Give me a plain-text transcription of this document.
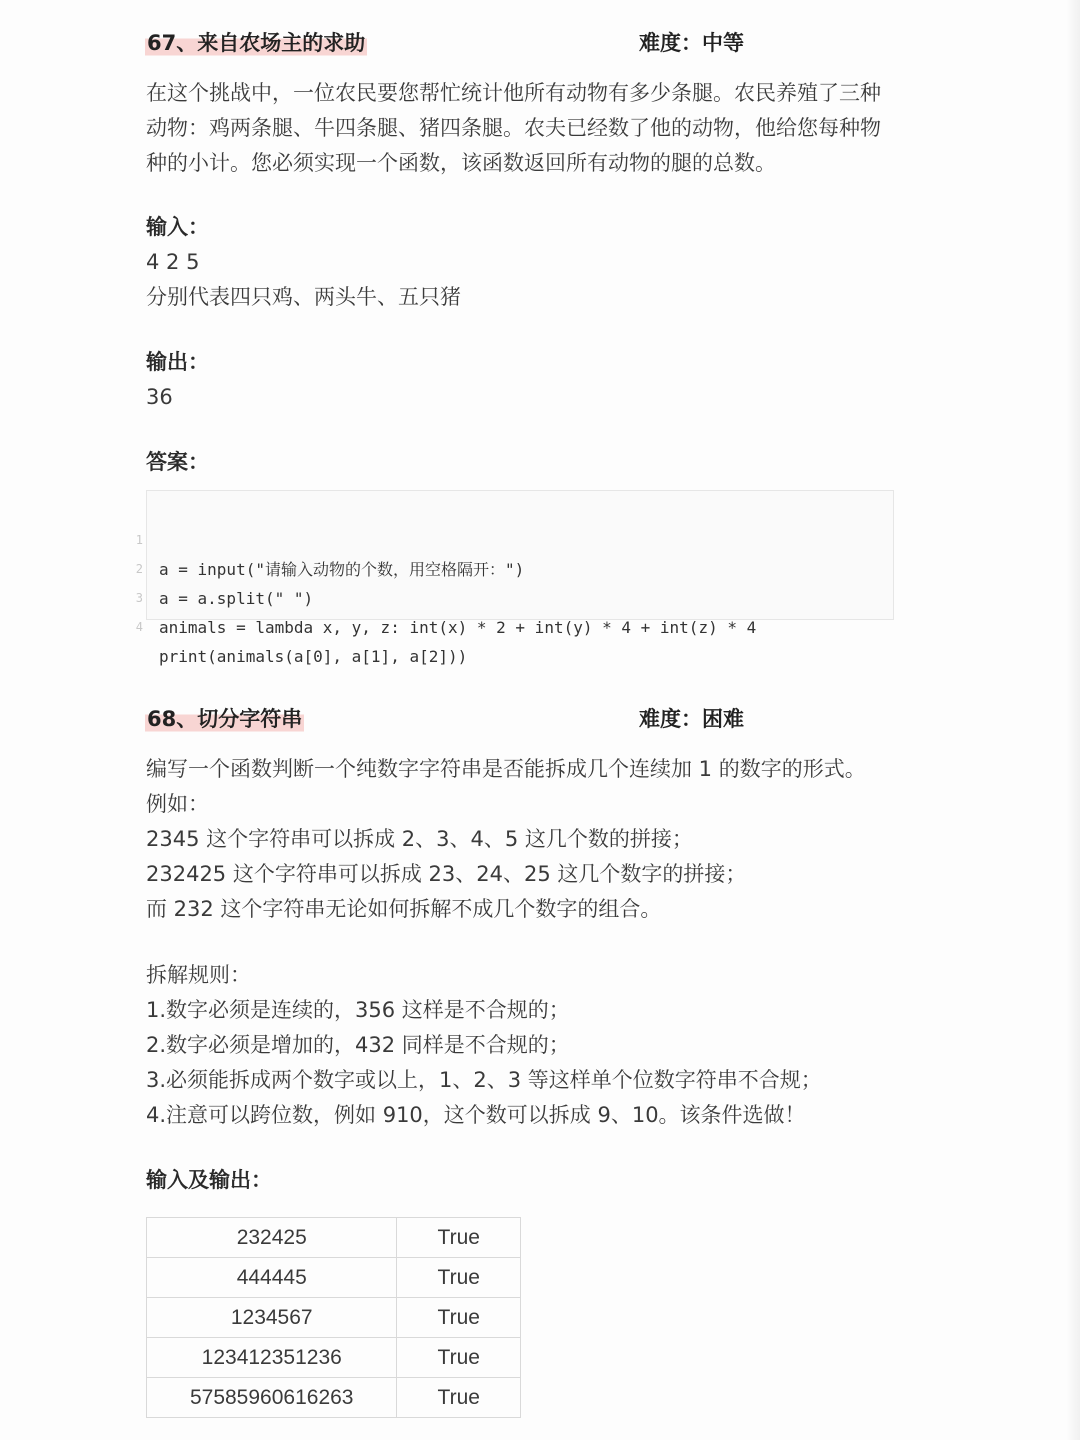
67、来自农场主的求助	难度：中等

在这个挑战中，一位农民要您帮忙统计他所有动物有多少条腿。农民养殖了三种

动物：鸡两条腿、牛四条腿、猪四条腿。农夫已经数了他的动物，他给您每种物

种的小计。您必须实现一个函数，该函数返回所有动物的腿的总数。

输入：

4 2 5

分别代表四只鸡、两头牛、五只猪

输出：

36

答案：

1

a = input("请输入动物的个数，用空格隔开：")

2

a = a.split(" ")

3

animals = lambda x, y, z: int(x) * 2 + int(y) * 4 + int(z) * 4

4

print(animals(a[0], a[1], a[2]))

68、切分字符串	难度：困难

编写一个函数判断一个纯数字字符串是否能拆成几个连续加 1 的数字的形式。

例如：

2345 这个字符串可以拆成 2、3、4、5 这几个数的拼接；

232425 这个字符串可以拆成 23、24、25 这几个数字的拼接；

而 232 这个字符串无论如何拆解不成几个数字的组合。

拆解规则：

1.数字必须是连续的，356 这样是不合规的；

2.数字必须是增加的，432 同样是不合规的；

3.必须能拆成两个数字或以上，1、2、3 等这样单个位数字符串不合规；

4.注意可以跨位数，例如 910，这个数可以拆成 9、10。该条件选做！

输入及输出：

232425	True
444445	True
1234567	True
123412351236	True
57585960616263	True
